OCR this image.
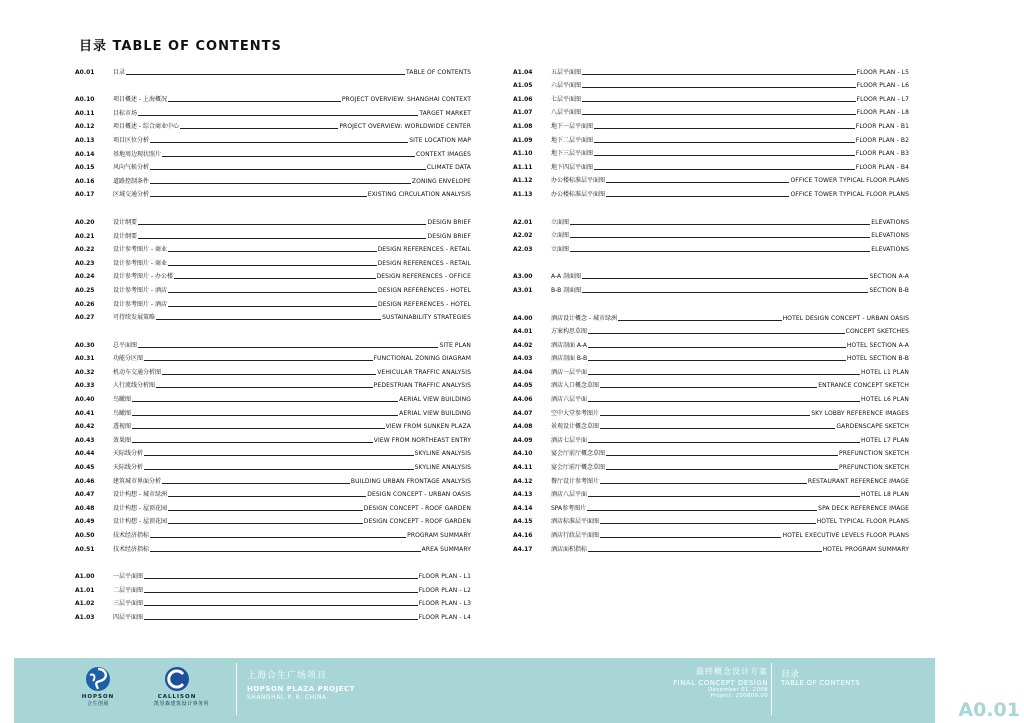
目录 TABLE OF CONTENTS
A0.01	目录	TABLE OF CONTENTS
A0.10	项目概述 - 上海概况	PROJECT OVERVIEW: SHANGHAI CONTEXT
A0.11	目标市场	TARGET MARKET
A0.12	项目概述 - 综合商业中心	PROJECT OVERVIEW: WORLDWIDE CENTER
A0.13	项目区位分析	SITE LOCATION MAP
A0.14	基地周边现状照片	CONTEXT IMAGES
A0.15	风向气候分析	CLIMATE DATA
A0.16	道路控制条件	ZONING ENVELOPE
A0.17	区域交通分析	EXISTING CIRCULATION ANALYSIS
A0.20	设计纲要	DESIGN BRIEF
A0.21	设计纲要	DESIGN BRIEF
A0.22	设计参考图片 - 商业	DESIGN REFERENCES - RETAIL
A0.23	设计参考图片 - 商业	DESIGN REFERENCES - RETAIL
A0.24	设计参考图片 - 办公楼	DESIGN REFERENCES - OFFICE
A0.25	设计参考图片 - 酒店	DESIGN REFERENCES - HOTEL
A0.26	设计参考图片 - 酒店	DESIGN REFERENCES - HOTEL
A0.27	可持续发展策略	SUSTAINABILITY STRATEGIES
A0.30	总平面图	SITE PLAN
A0.31	功能分区图	FUNCTIONAL ZONING DIAGRAM
A0.32	机动车交通分析图	VEHICULAR TRAFFIC ANALYSIS
A0.33	人行流线分析图	PEDESTRIAN TRAFFIC ANALYSIS
A0.40	鸟瞰图	AERIAL VIEW BUILDING
A0.41	鸟瞰图	AERIAL VIEW BUILDING
A0.42	透视图	VIEW FROM SUNKEN PLAZA
A0.43	效果图	VIEW FROM NORTHEAST ENTRY
A0.44	天际线分析	SKYLINE ANALYSIS
A0.45	天际线分析	SKYLINE ANALYSIS
A0.46	建筑城市界面分析	BUILDING URBAN FRONTAGE ANALYSIS
A0.47	设计构想 - 城市绿洲	DESIGN CONCEPT - URBAN OASIS
A0.48	设计构想 - 屋顶花园	DESIGN CONCEPT - ROOF GARDEN
A0.49	设计构想 - 屋顶花园	DESIGN CONCEPT - ROOF GARDEN
A0.50	技术经济指标	PROGRAM SUMMARY
A0.51	技术经济指标	AREA SUMMARY
A1.00	一层平面图	FLOOR PLAN - L1
A1.01	二层平面图	FLOOR PLAN - L2
A1.02	三层平面图	FLOOR PLAN - L3
A1.03	四层平面图	FLOOR PLAN - L4
A1.04	五层平面图	FLOOR PLAN - L5
A1.05	六层平面图	FLOOR PLAN - L6
A1.06	七层平面图	FLOOR PLAN - L7
A1.07	八层平面图	FLOOR PLAN - L8
A1.08	地下一层平面图	FLOOR PLAN - B1
A1.09	地下二层平面图	FLOOR PLAN - B2
A1.10	地下三层平面图	FLOOR PLAN - B3
A1.11	地下四层平面图	FLOOR PLAN - B4
A1.12	办公楼标准层平面图	OFFICE TOWER TYPICAL FLOOR PLANS
A1.13	办公楼标准层平面图	OFFICE TOWER TYPICAL FLOOR PLANS
A2.01	立面图	ELEVATIONS
A2.02	立面图	ELEVATIONS
A2.03	立面图	ELEVATIONS
A3.00	A-A 剖面图	SECTION A-A
A3.01	B-B 剖面图	SECTION B-B
A4.00	酒店设计概念 - 城市绿洲	HOTEL DESIGN CONCEPT - URBAN OASIS
A4.01	方案构思草图	CONCEPT SKETCHES
A4.02	酒店剖面 A-A	HOTEL SECTION A-A
A4.03	酒店剖面 B-B	HOTEL SECTION B-B
A4.04	酒店一层平面	HOTEL L1 PLAN
A4.05	酒店入口概念草图	ENTRANCE CONCEPT SKETCH
A4.06	酒店六层平面	HOTEL L6 PLAN
A4.07	空中大堂参考图片	SKY LOBBY REFERENCE IMAGES
A4.08	景观设计概念草图	GARDENSCAPE SKETCH
A4.09	酒店七层平面	HOTEL L7 PLAN
A4.10	宴会厅前厅概念草图	PREFUNCTION SKETCH
A4.11	宴会厅前厅概念草图	PREFUNCTION SKETCH
A4.12	餐厅设计参考图片	RESTAURANT REFERENCE IMAGE
A4.13	酒店八层平面	HOTEL L8 PLAN
A4.14	SPA参考图片	SPA DECK REFERENCE IMAGE
A4.15	酒店标准层平面图	HOTEL TYPICAL FLOOR PLANS
A4.16	酒店行政层平面图	HOTEL EXECUTIVE LEVELS FLOOR PLANS
A4.17	酒店面积指标	HOTEL PROGRAM SUMMARY
HOPSON
合生创展
CALLISON
凯里森建筑设计事务所
上海合生广场项目
HOPSON PLAZA PROJECT
SHANGHAI, P. R. CHINA
最终概念设计方案
FINAL CONCEPT DESIGN
December 01, 2008
Project: 200809.00
目录
TABLE OF CONTENTS
A0.01
